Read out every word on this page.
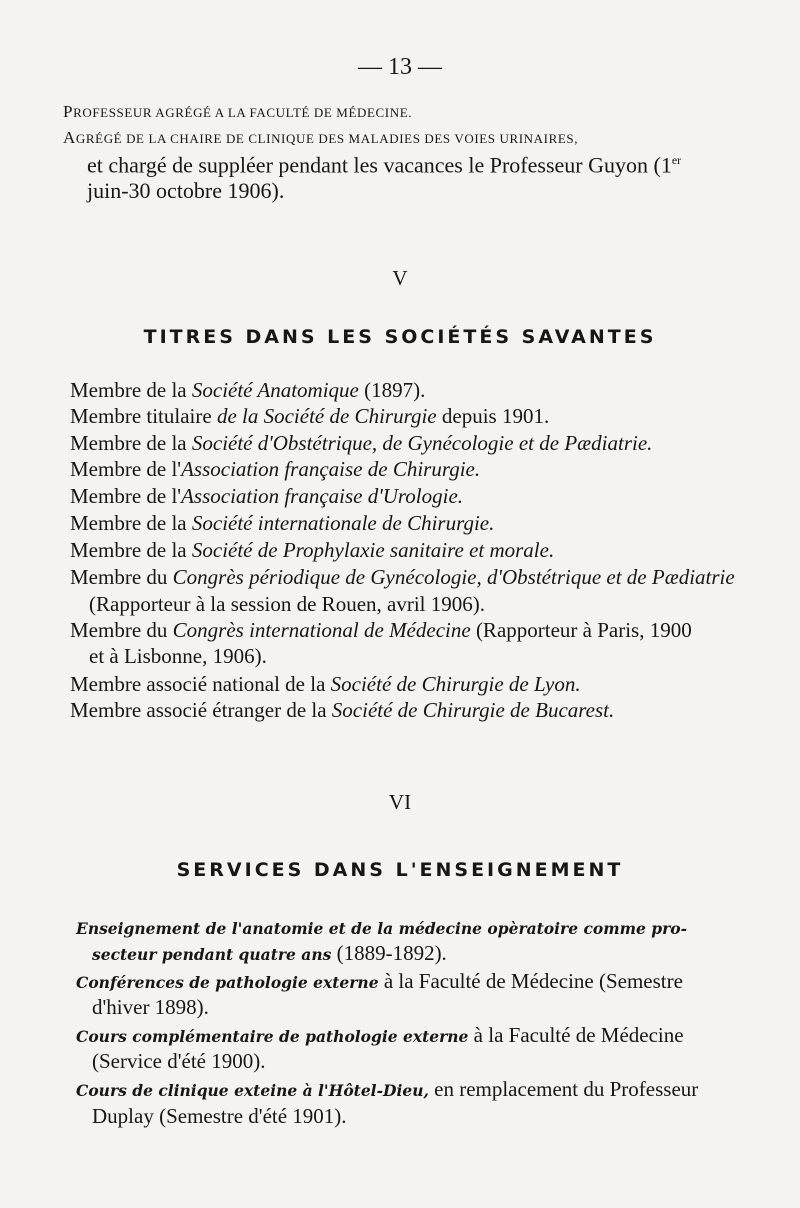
— 13 —
PROFESSEUR AGRÉGÉ A LA FACULTÉ DE MÉDECINE.
AGRÉGÉ DE LA CHAIRE DE CLINIQUE DES MALADIES DES VOIES URINAIRES,
et chargé de suppléer pendant les vacances le Professeur Guyon (1er
juin-30 octobre 1906).
V
TITRES DANS LES SOCIÉTÉS SAVANTES
Membre de la Société Anatomique (1897).
Membre titulaire de la Société de Chirurgie depuis 1901.
Membre de la Société d'Obstétrique, de Gynécologie et de Pædiatrie.
Membre de l'Association française de Chirurgie.
Membre de l'Association française d'Urologie.
Membre de la Société internationale de Chirurgie.
Membre de la Société de Prophylaxie sanitaire et morale.
Membre du Congrès périodique de Gynécologie, d'Obstétrique et de Pædiatrie
(Rapporteur à la session de Rouen, avril 1906).
Membre du Congrès international de Médecine (Rapporteur à Paris, 1900
et à Lisbonne, 1906).
Membre associé national de la Société de Chirurgie de Lyon.
Membre associé étranger de la Société de Chirurgie de Bucarest.
VI
SERVICES DANS L'ENSEIGNEMENT
Enseignement de l'anatomie et de la médecine opèratoire comme pro-
secteur pendant quatre ans (1889-1892).
Conférences de pathologie externe à la Faculté de Médecine (Semestre
d'hiver 1898).
Cours complémentaire de pathologie externe à la Faculté de Médecine
(Service d'été 1900).
Cours de clinique exteine à l'Hôtel-Dieu, en remplacement du Professeur
Duplay (Semestre d'été 1901).
